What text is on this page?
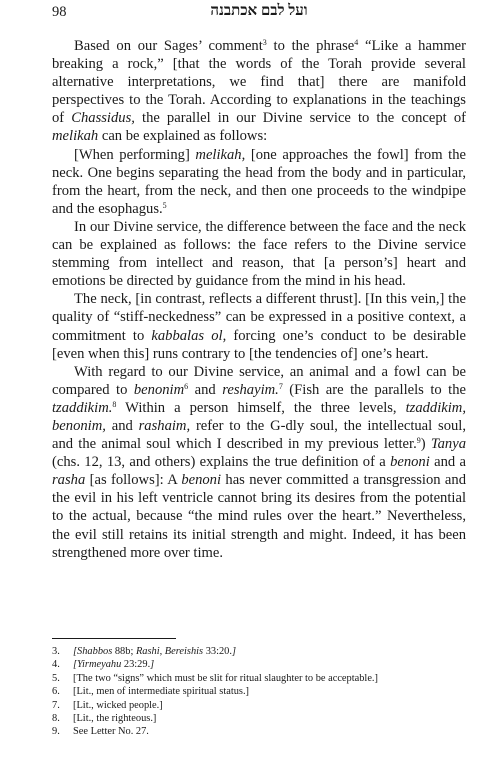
98	ועל לבם אכתבנה

Based on our Sages’ comment$^3$ to the phrase$^4$ “Like a hammer breaking a rock,” [that the words of the Torah provide several alternative interpretations, we find that] there are manifold perspectives to the Torah. According to explanations in the teachings of Chassidus, the parallel in our Divine service to the concept of melikah can be explained as follows:

[When performing] melikah, [one approaches the fowl] from the neck. One begins separating the head from the body and in particular, from the heart, from the neck, and then one proceeds to the windpipe and the esophagus.$^5$

In our Divine service, the difference between the face and the neck can be explained as follows: the face refers to the Divine service stemming from intellect and reason, that [a person’s] heart and emotions be directed by guidance from the mind in his head.

The neck, [in contrast, reflects a different thrust]. [In this vein,] the quality of “stiff-neckedness” can be expressed in a positive context, a commitment to kabbalas ol, forcing one’s conduct to be desirable [even when this] runs contrary to [the tendencies of] one’s heart.

With regard to our Divine service, an animal and a fowl can be compared to benonim$^6$ and reshayim.$^7$ (Fish are the parallels to the tzaddikim.$^8$ Within a person himself, the three levels, tzaddikim, benonim, and rashaim, refer to the G-dly soul, the intellectual soul, and the animal soul which I described in my previous letter.$^9$) Tanya (chs. 12, 13, and others) explains the true definition of a benoni and a rasha [as follows]: A benoni has never committed a transgression and the evil in his left ventricle cannot bring its desires from the potential to the actual, because “the mind rules over the heart.” Nevertheless, the evil still retains its initial strength and might. Indeed, it has been strengthened more over time.

3.	[Shabbos 88b; Rashi, Bereishis 33:20.]
4.	[Yirmeyahu 23:29.]
5.	[The two “signs” which must be slit for ritual slaughter to be acceptable.]
6.	[Lit., men of intermediate spiritual status.]
7.	[Lit., wicked people.]
8.	[Lit., the righteous.]
9.	See Letter No. 27.
